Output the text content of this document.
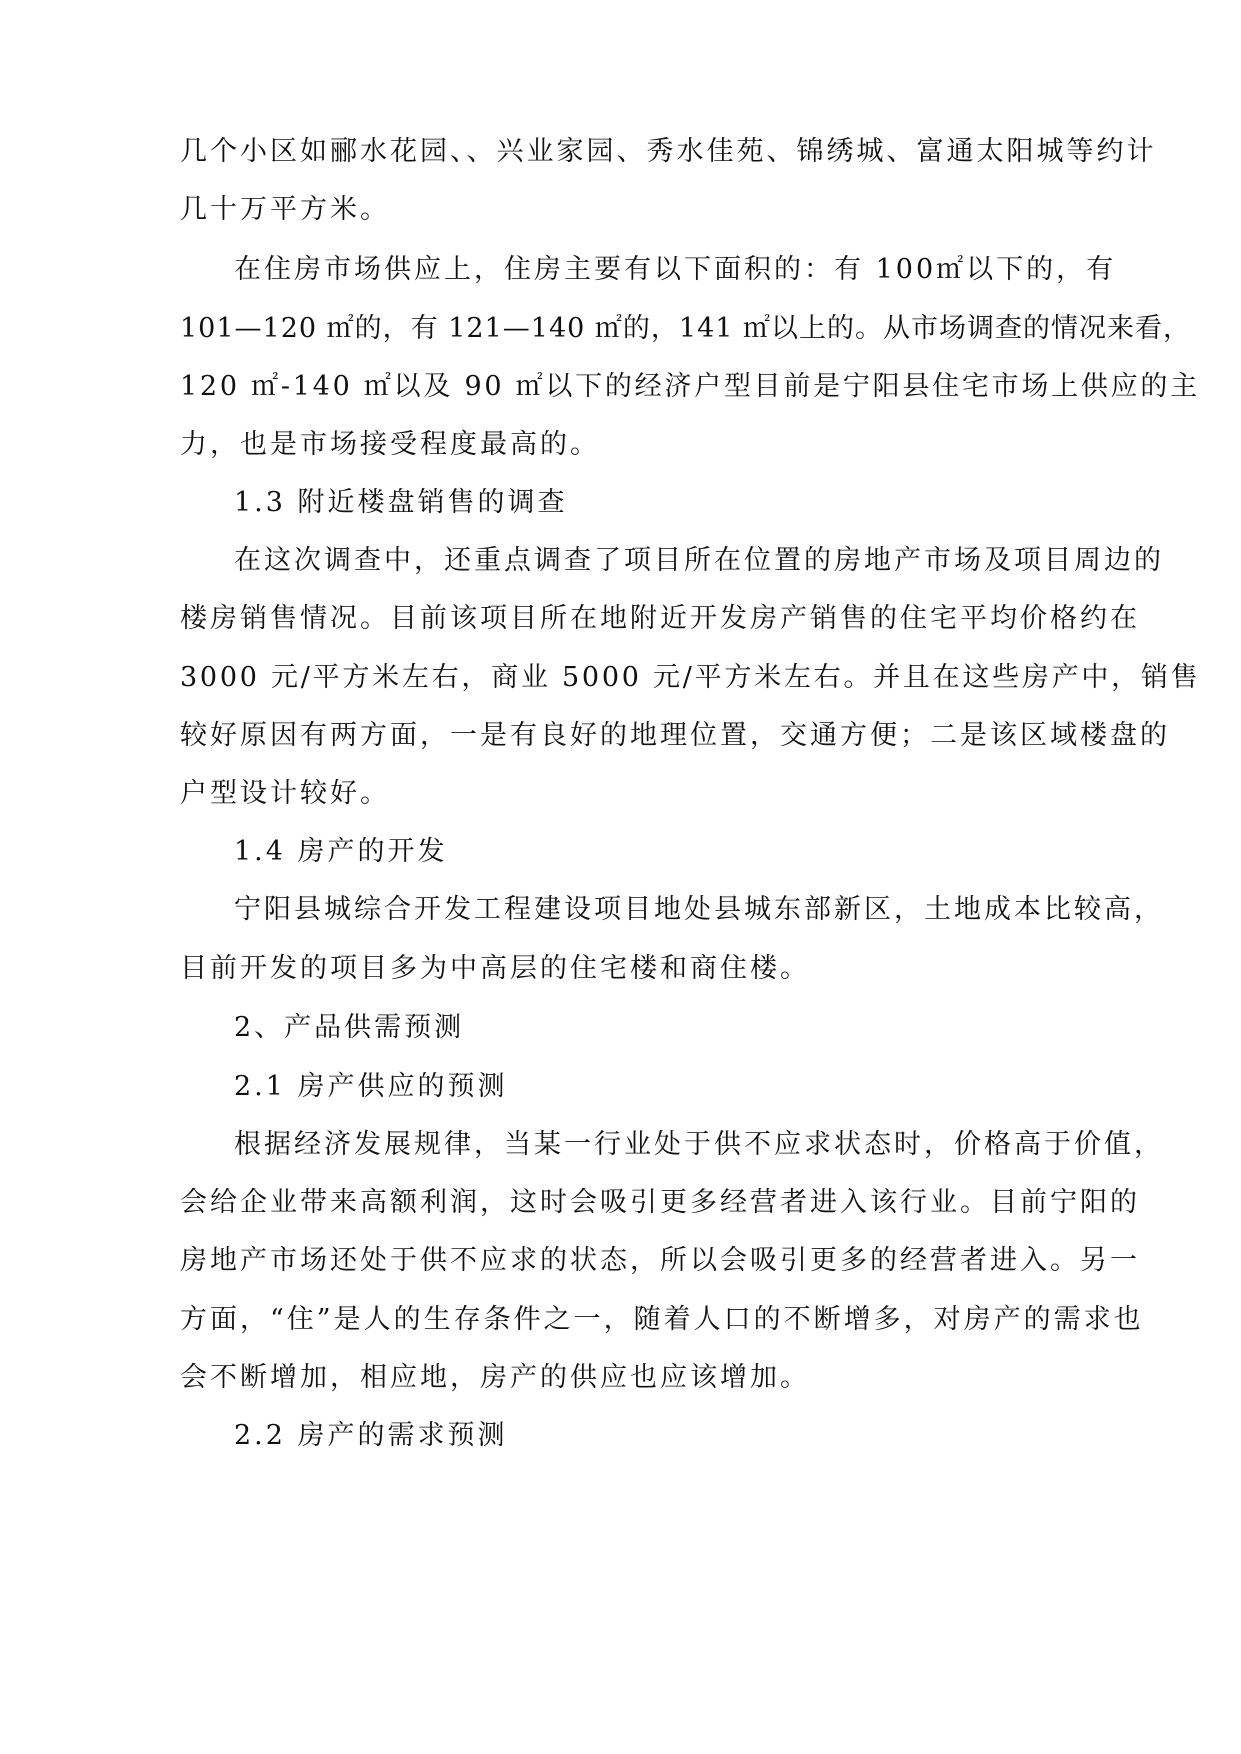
几个小区如郦水花园、、兴业家园、秀水佳苑、锦绣城、富通太阳城等约计
几十万平方米。
在住房市场供应上，住房主要有以下面积的：有 100㎡以下的，有
101—120 ㎡的，有 121—140 ㎡的，141 ㎡以上的。从市场调查的情况来看，
120 ㎡-140 ㎡以及 90 ㎡以下的经济户型目前是宁阳县住宅市场上供应的主
力，也是市场接受程度最高的。
1.3 附近楼盘销售的调查
在这次调查中，还重点调查了项目所在位置的房地产市场及项目周边的
楼房销售情况。目前该项目所在地附近开发房产销售的住宅平均价格约在
3000 元/平方米左右，商业 5000 元/平方米左右。并且在这些房产中，销售
较好原因有两方面，一是有良好的地理位置，交通方便；二是该区域楼盘的
户型设计较好。
1.4 房产的开发
宁阳县城综合开发工程建设项目地处县城东部新区，土地成本比较高，
目前开发的项目多为中高层的住宅楼和商住楼。
2、产品供需预测
2.1 房产供应的预测
根据经济发展规律，当某一行业处于供不应求状态时，价格高于价值，
会给企业带来高额利润，这时会吸引更多经营者进入该行业。目前宁阳的
房地产市场还处于供不应求的状态，所以会吸引更多的经营者进入。另一
方面，“住”是人的生存条件之一，随着人口的不断增多，对房产的需求也
会不断增加，相应地，房产的供应也应该增加。
2.2 房产的需求预测
